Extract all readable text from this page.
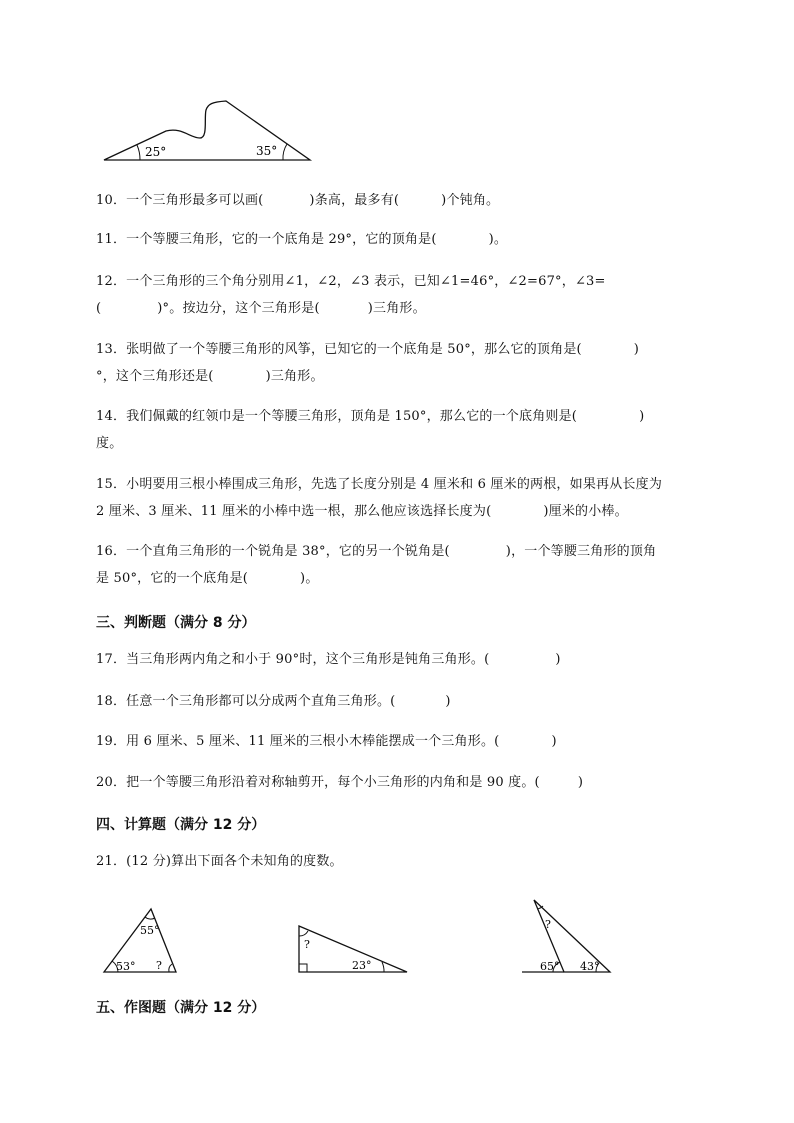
25°	35°
10．一个三角形最多可以画(	)条高，最多有(	)个钝角。
11．一个等腰三角形，它的一个底角是 29°，它的顶角是(	)。
12．一个三角形的三个角分别用∠1，∠2，∠3 表示，已知∠1=46°，∠2=67°，∠3=
(	)°。按边分，这个三角形是(	)三角形。
13．张明做了一个等腰三角形的风筝，已知它的一个底角是 50°，那么它的顶角是(	)
°，这个三角形还是(	)三角形。
14．我们佩戴的红领巾是一个等腰三角形，顶角是 150°，那么它的一个底角则是(	)
度。
15．小明要用三根小棒围成三角形，先选了长度分别是 4 厘米和 6 厘米的两根，如果再从长度为
2 厘米、3 厘米、11 厘米的小棒中选一根，那么他应该选择长度为(	)厘米的小棒。
16．一个直角三角形的一个锐角是 38°，它的另一个锐角是(	)，一个等腰三角形的顶角
是 50°，它的一个底角是(	)。
三、判断题（满分 8 分）
17．当三角形两内角之和小于 90°时，这个三角形是钝角三角形。(	)
18．任意一个三角形都可以分成两个直角三角形。(	)
19．用 6 厘米、5 厘米、11 厘米的三根小木棒能摆成一个三角形。(	)
20．把一个等腰三角形沿着对称轴剪开，每个小三角形的内角和是 90 度。(	)
四、计算题（满分 12 分）
21．(12 分)算出下面各个未知角的度数。
55°
53° ?
?
23°
?
65° 43°
五、作图题（满分 12 分）
